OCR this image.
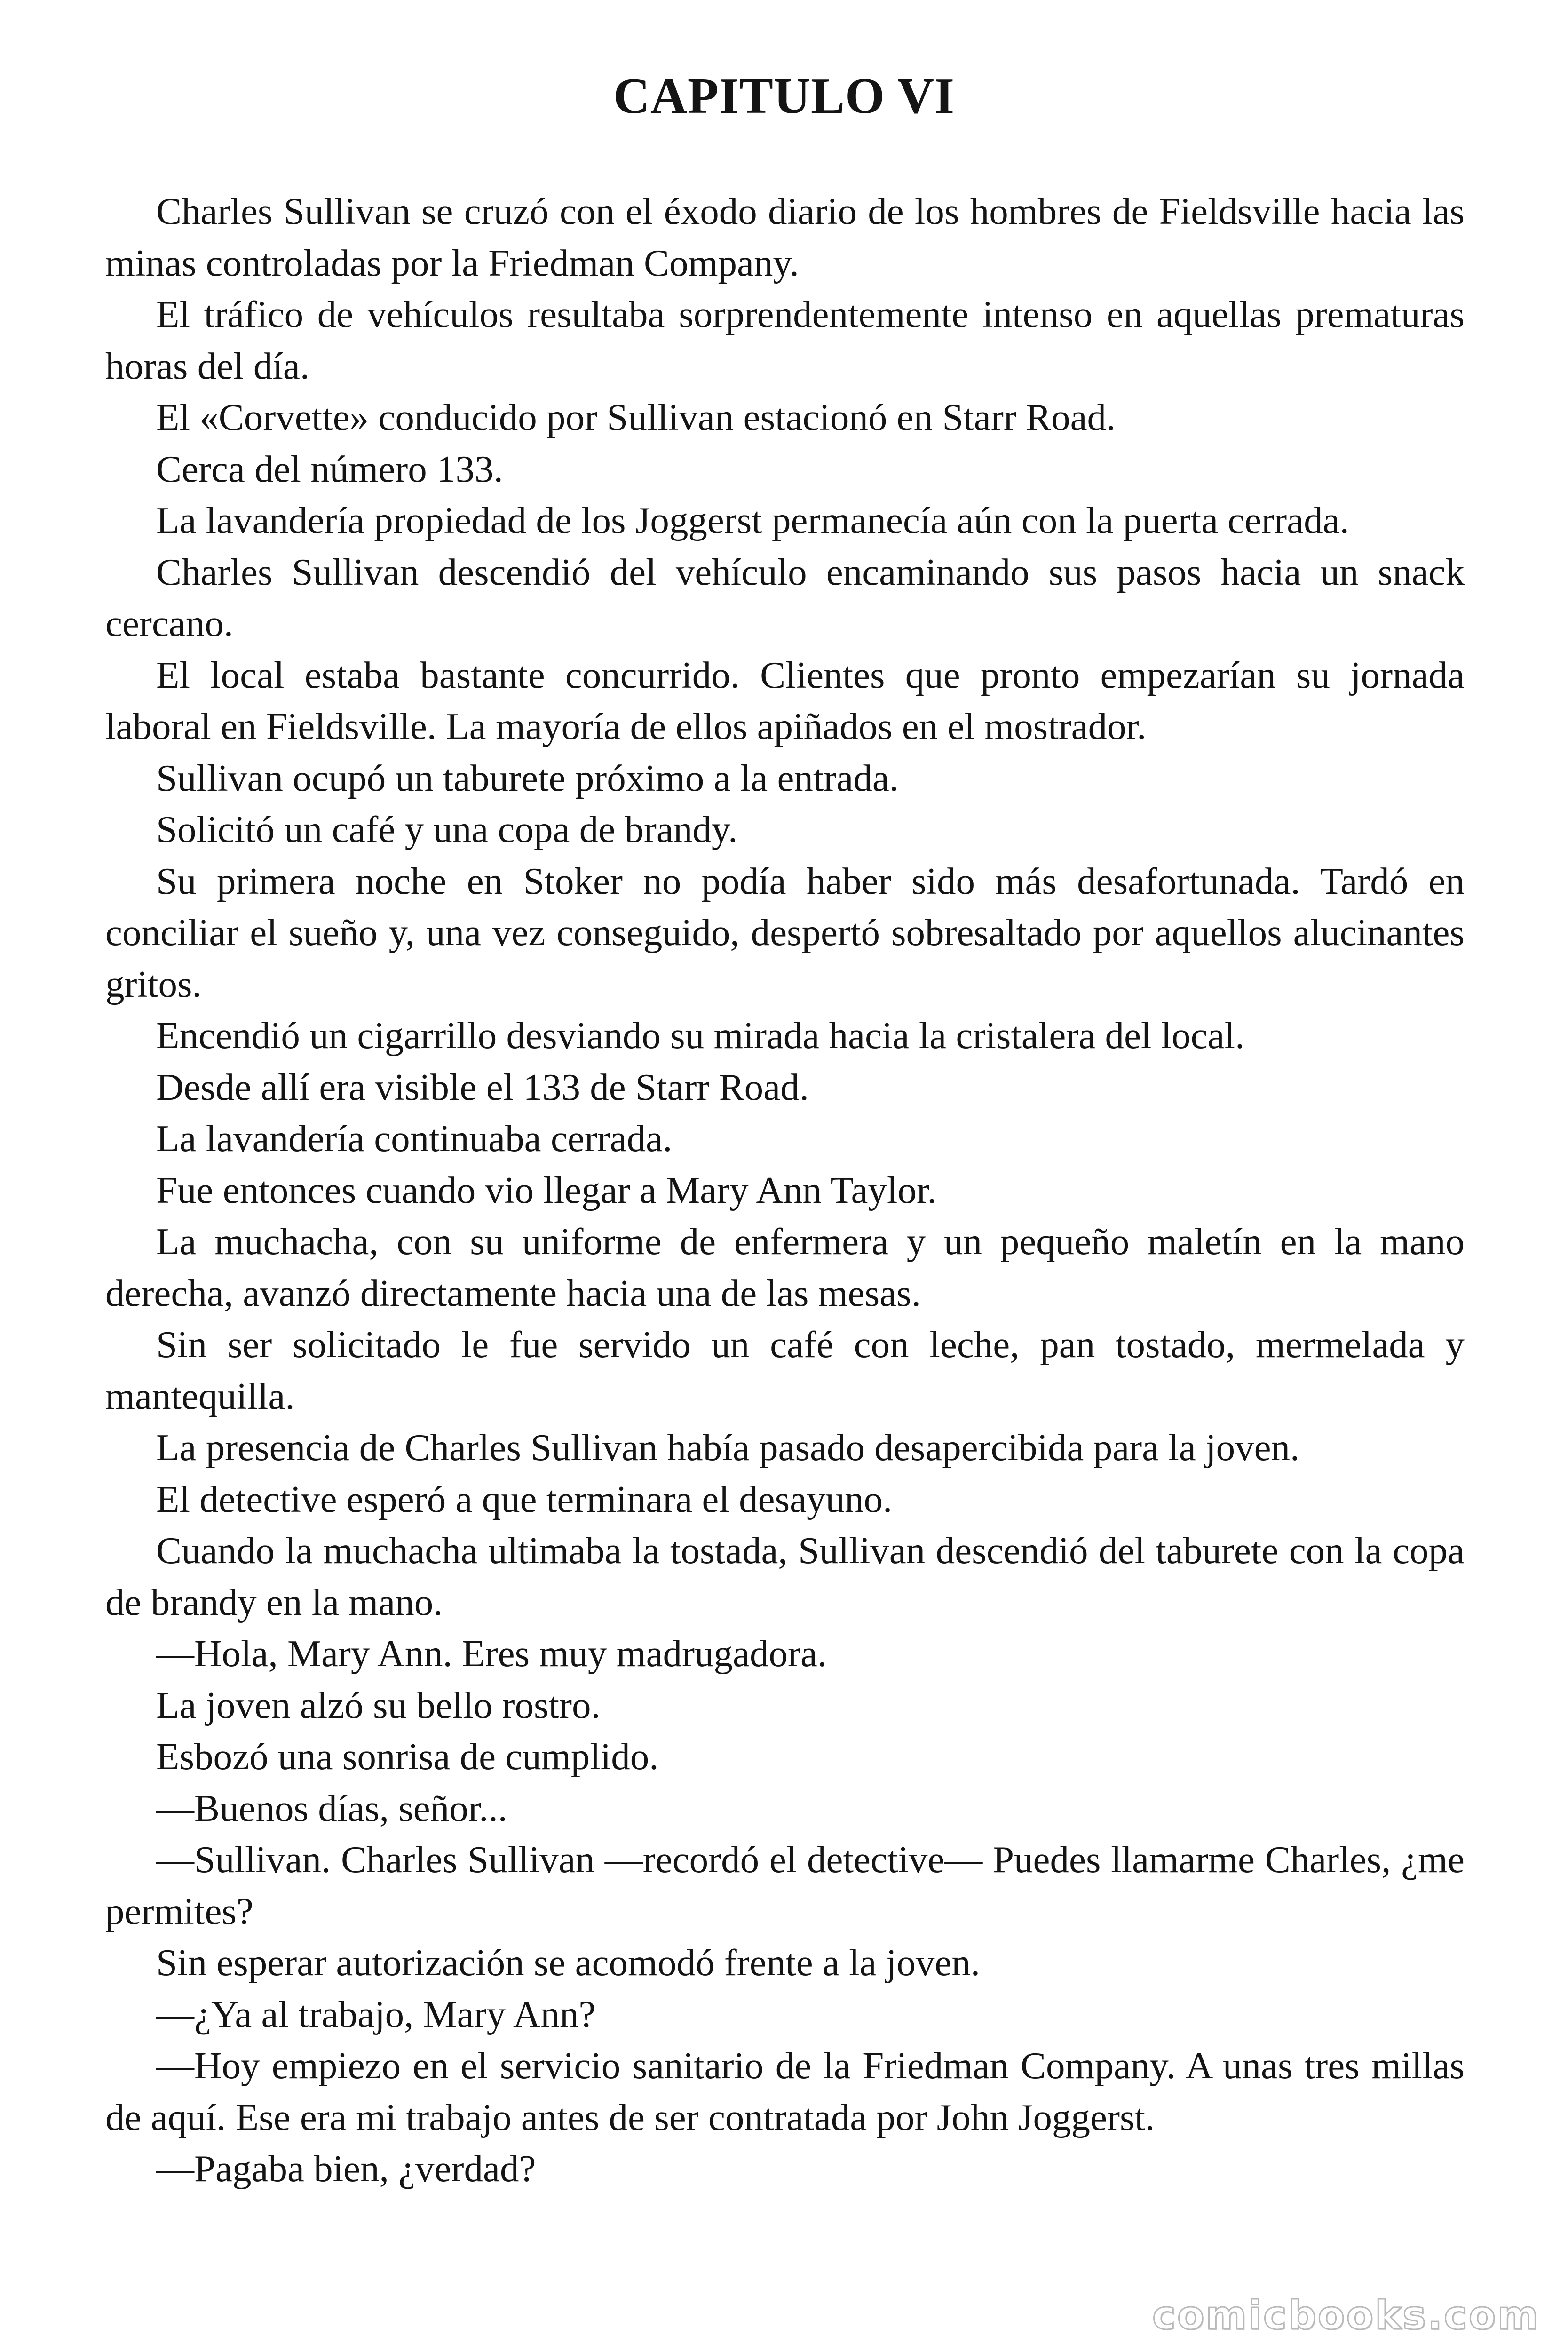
CAPITULO VI

Charles Sullivan se cruzó con el éxodo diario de los hombres de Fieldsville hacia las minas controladas por la Friedman Company.

El tráfico de vehículos resultaba sorprendentemente intenso en aquellas prematuras horas del día.

El «Corvette» conducido por Sullivan estacionó en Starr Road.

Cerca del número 133.

La lavandería propiedad de los Joggerst permanecía aún con la puerta cerrada.

Charles Sullivan descendió del vehículo encaminando sus pasos hacia un snack cercano.

El local estaba bastante concurrido. Clientes que pronto empezarían su jornada laboral en Fieldsville. La mayoría de ellos apiñados en el mostrador.

Sullivan ocupó un taburete próximo a la entrada.

Solicitó un café y una copa de brandy.

Su primera noche en Stoker no podía haber sido más desafortunada. Tardó en conciliar el sueño y, una vez conseguido, despertó sobresaltado por aquellos alucinantes gritos.

Encendió un cigarrillo desviando su mirada hacia la cristalera del local.

Desde allí era visible el 133 de Starr Road.

La lavandería continuaba cerrada.

Fue entonces cuando vio llegar a Mary Ann Taylor.

La muchacha, con su uniforme de enfermera y un pequeño maletín en la mano derecha, avanzó directamente hacia una de las mesas.

Sin ser solicitado le fue servido un café con leche, pan tostado, mermelada y mantequilla.

La presencia de Charles Sullivan había pasado desapercibida para la joven.

El detective esperó a que terminara el desayuno.

Cuando la muchacha ultimaba la tostada, Sullivan descendió del taburete con la copa de brandy en la mano.

—Hola, Mary Ann. Eres muy madrugadora.

La joven alzó su bello rostro.

Esbozó una sonrisa de cumplido.

—Buenos días, señor...

—Sullivan. Charles Sullivan —recordó el detective— Puedes llamarme Charles, ¿me permites?

Sin esperar autorización se acomodó frente a la joven.

—¿Ya al trabajo, Mary Ann?

—Hoy empiezo en el servicio sanitario de la Friedman Company. A unas tres millas de aquí. Ese era mi trabajo antes de ser contratada por John Joggerst.

—Pagaba bien, ¿verdad?

comicbooks.com
